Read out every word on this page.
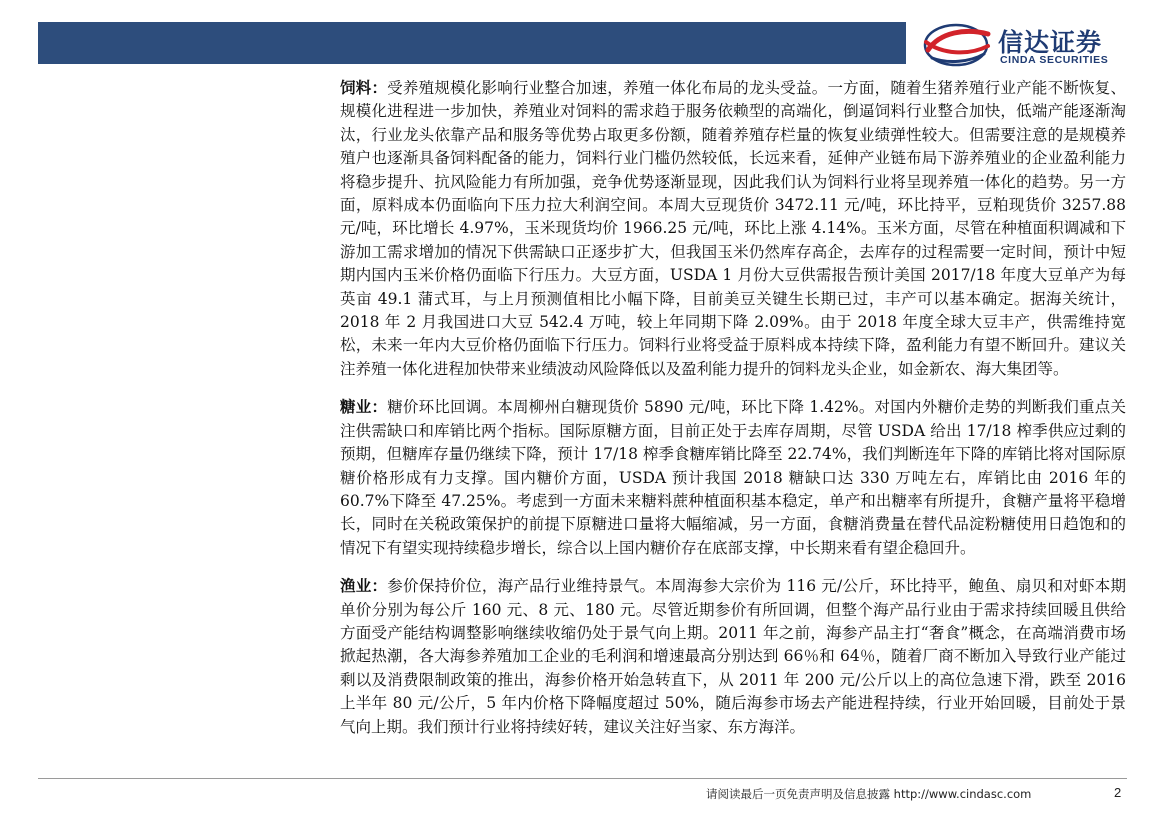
信达证券
CINDA SECURITIES

饲料：受养殖规模化影响行业整合加速，养殖一体化布局的龙头受益。一方面，随着生猪养殖行业产能不断恢复、规模化进程进一步加快，养殖业对饲料的需求趋于服务依赖型的高端化，倒逼饲料行业整合加快，低端产能逐渐淘汰，行业龙头依靠产品和服务等优势占取更多份额，随着养殖存栏量的恢复业绩弹性较大。但需要注意的是规模养殖户也逐渐具备饲料配备的能力，饲料行业门槛仍然较低，长远来看，延伸产业链布局下游养殖业的企业盈利能力将稳步提升、抗风险能力有所加强，竞争优势逐渐显现，因此我们认为饲料行业将呈现养殖一体化的趋势。另一方面，原料成本仍面临向下压力拉大利润空间。本周大豆现货价 3472.11 元/吨，环比持平，豆粕现货价 3257.88 元/吨，环比增长 4.97%，玉米现货均价 1966.25 元/吨，环比上涨 4.14%。玉米方面，尽管在种植面积调减和下游加工需求增加的情况下供需缺口正逐步扩大，但我国玉米仍然库存高企，去库存的过程需要一定时间，预计中短期内国内玉米价格仍面临下行压力。大豆方面，USDA 1 月份大豆供需报告预计美国 2017/18 年度大豆单产为每英亩 49.1 蒲式耳，与上月预测值相比小幅下降，目前美豆关键生长期已过，丰产可以基本确定。据海关统计，2018 年 2 月我国进口大豆 542.4 万吨，较上年同期下降 2.09%。由于 2018 年度全球大豆丰产，供需维持宽松，未来一年内大豆价格仍面临下行压力。饲料行业将受益于原料成本持续下降，盈利能力有望不断回升。建议关注养殖一体化进程加快带来业绩波动风险降低以及盈利能力提升的饲料龙头企业，如金新农、海大集团等。

糖业：糖价环比回调。本周柳州白糖现货价 5890 元/吨，环比下降 1.42%。对国内外糖价走势的判断我们重点关注供需缺口和库销比两个指标。国际原糖方面，目前正处于去库存周期，尽管 USDA 给出 17/18 榨季供应过剩的预期，但糖库存量仍继续下降，预计 17/18 榨季食糖库销比降至 22.74%，我们判断连年下降的库销比将对国际原糖价格形成有力支撑。国内糖价方面，USDA 预计我国 2018 糖缺口达 330 万吨左右，库销比由 2016 年的 60.7%下降至 47.25%。考虑到一方面未来糖料蔗种植面积基本稳定，单产和出糖率有所提升，食糖产量将平稳增长，同时在关税政策保护的前提下原糖进口量将大幅缩减，另一方面，食糖消费量在替代品淀粉糖使用日趋饱和的情况下有望实现持续稳步增长，综合以上国内糖价存在底部支撑，中长期来看有望企稳回升。

渔业：参价保持价位，海产品行业维持景气。本周海参大宗价为 116 元/公斤，环比持平，鲍鱼、扇贝和对虾本期单价分别为每公斤 160 元、8 元、180 元。尽管近期参价有所回调，但整个海产品行业由于需求持续回暖且供给方面受产能结构调整影响继续收缩仍处于景气向上期。2011 年之前，海参产品主打“奢食”概念，在高端消费市场掀起热潮，各大海参养殖加工企业的毛利润和增速最高分别达到 66％和 64％，随着厂商不断加入导致行业产能过剩以及消费限制政策的推出，海参价格开始急转直下，从 2011 年 200 元/公斤以上的高位急速下滑，跌至 2016 上半年 80 元/公斤，5 年内价格下降幅度超过 50%，随后海参市场去产能进程持续，行业开始回暖，目前处于景气向上期。我们预计行业将持续好转，建议关注好当家、东方海洋。

请阅读最后一页免责声明及信息披露 http://www.cindasc.com	2
